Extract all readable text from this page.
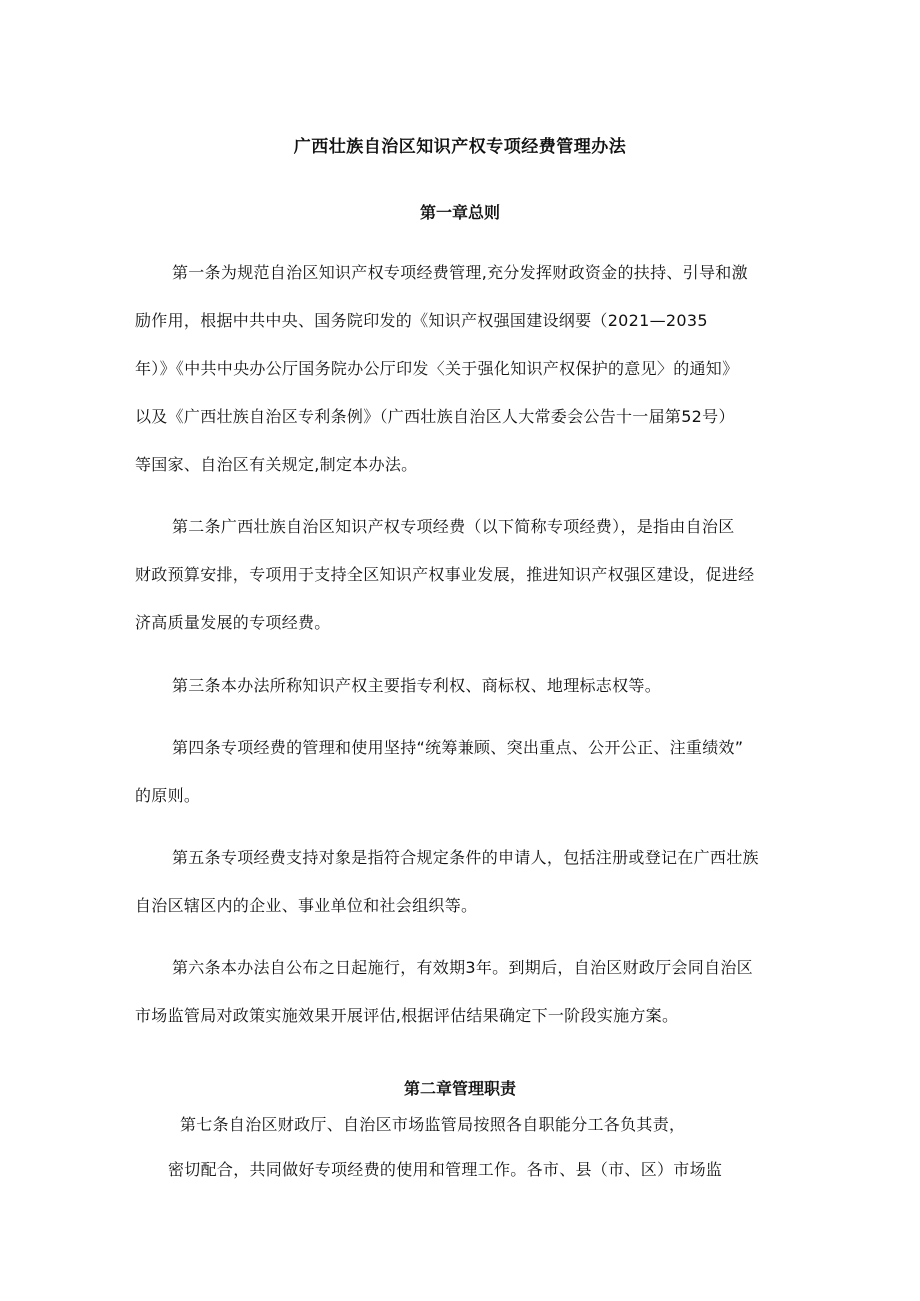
广西壮族自治区知识产权专项经费管理办法
第一章总则
第一条为规范自治区知识产权专项经费管理,充分发挥财政资金的扶持、引导和激
励作用，根据中共中央、国务院印发的《知识产权强国建设纲要（2021—2035
年）》《中共中央办公厅国务院办公厅印发〈关于强化知识产权保护的意见〉的通知》
以及《广西壮族自治区专利条例》（广西壮族自治区人大常委会公告十一届第52号）
等国家、自治区有关规定,制定本办法。
第二条广西壮族自治区知识产权专项经费（以下简称专项经费），是指由自治区
财政预算安排，专项用于支持全区知识产权事业发展，推进知识产权强区建设，促进经
济高质量发展的专项经费。
第三条本办法所称知识产权主要指专利权、商标权、地理标志权等。
第四条专项经费的管理和使用坚持“统筹兼顾、突出重点、公开公正、注重绩效”
的原则。
第五条专项经费支持对象是指符合规定条件的申请人，包括注册或登记在广西壮族
自治区辖区内的企业、事业单位和社会组织等。
第六条本办法自公布之日起施行，有效期3年。到期后，自治区财政厅会同自治区
市场监管局对政策实施效果开展评估,根据评估结果确定下一阶段实施方案。
第二章管理职责
第七条自治区财政厅、自治区市场监管局按照各自职能分工各负其责，
密切配合，共同做好专项经费的使用和管理工作。各市、县（市、区）市场监
